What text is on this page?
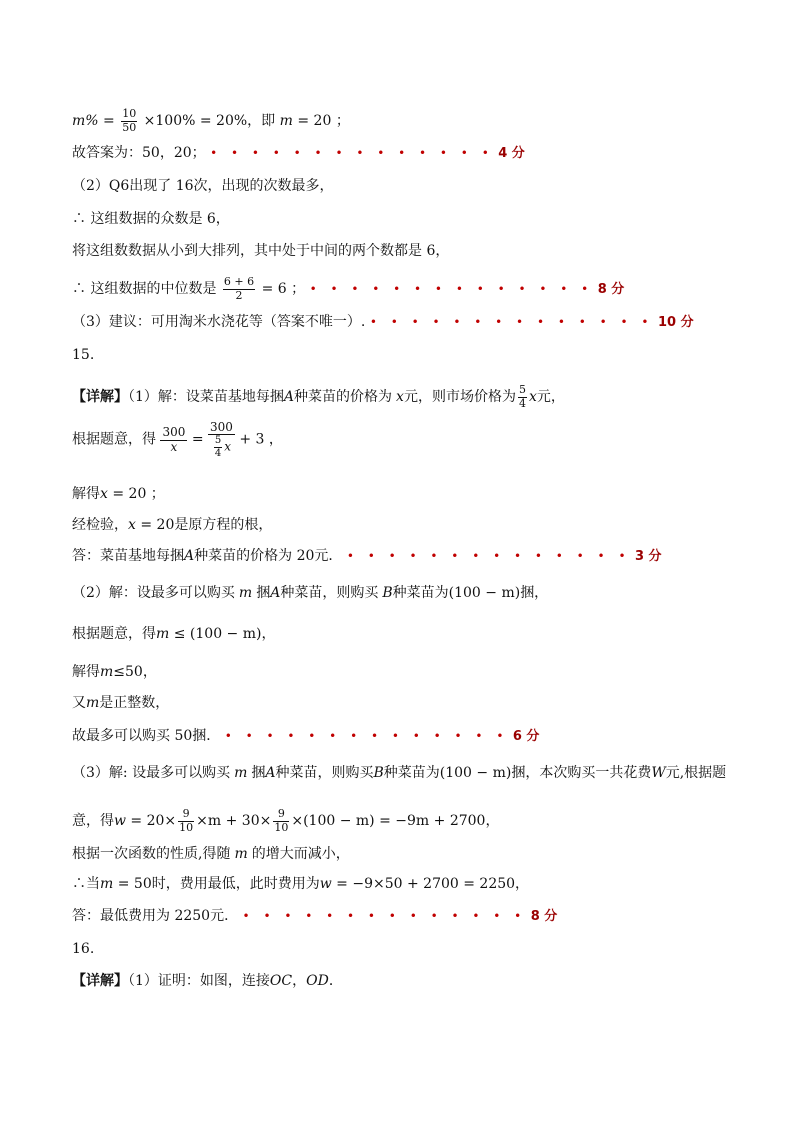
$m\% = \frac{10}{50} \times 100\% = 20\%$，即 m = 20 ；
故答案为：50，20； • • • • • • • • • • • • • • 4 分
（2）Q6出现了 16次，出现的次数最多，
∴ 这组数据的众数是 6，
将这组数数据从小到大排列，其中处于中间的两个数都是 6，
∴ 这组数据的中位数是 $\frac{6 + 6}{2} = 6$ ； • • • • • • • • • • • • • • 8 分
（3）建议：可用淘米水浇花等（答案不唯一）. • • • • • • • • • • • • • • 10 分
15.
【详解】（1）解：设菜苗基地每捆A种菜苗的价格为 x元，则市场价格为 $\frac{5}{4}$ x元，
根据题意，得 $\frac{300}{x} = \frac{300}{\frac{5}{4} x} + 3$ ，
解得x = 20 ；
经检验，x = 20是原方程的根，
答：菜苗基地每捆A种菜苗的价格为 20元． • • • • • • • • • • • • • • 3 分
（2）解：设最多可以购买 m 捆A种菜苗，则购买 B种菜苗为(100 − m)捆，
根据题意，得m ≤ (100 − m)，
解得m≤50，
又m是正整数，
故最多可以购买 50捆． • • • • • • • • • • • • • • 6 分
（3）解: 设最多可以购买 m 捆A种菜苗，则购买B种菜苗为(100 − m)捆，本次购买一共花费W元,根据题
意，得$w = 20\times \frac{9}{10} \times m + 30\times \frac{9}{10} \times(100 - m) = -9m + 2700$，
根据一次函数的性质,得随 m 的增大而减小，
∴当m = 50时，费用最低，此时费用为w = −9×50 + 2700 = 2250，
答：最低费用为 2250元． • • • • • • • • • • • • • • 8 分
16.
【详解】（1）证明：如图，连接OC，OD．
